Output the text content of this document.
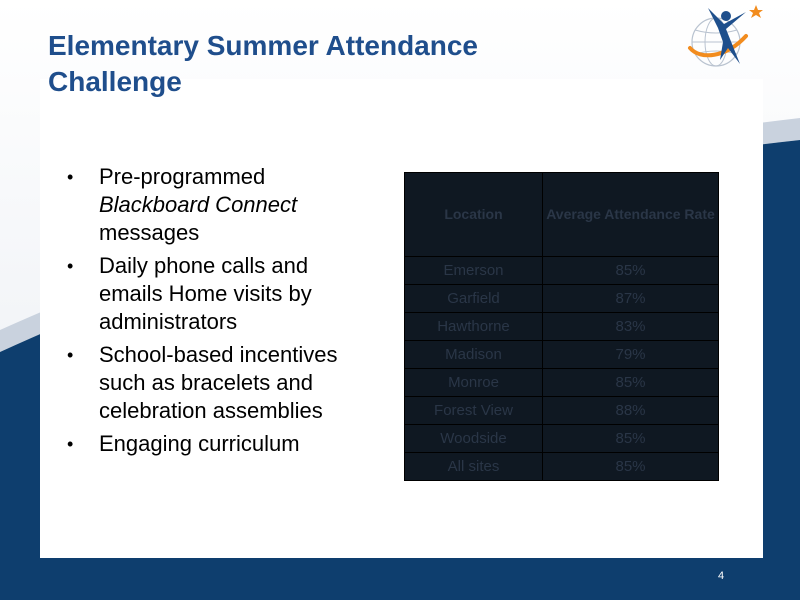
Elementary Summer Attendance
Challenge
• Pre-programmed Blackboard Connect messages
• Daily phone calls and emails Home visits by administrators
• School-based incentives such as bracelets and celebration assemblies
• Engaging curriculum
Location	Average Attendance Rate
Emerson	85%
Garfield	87%
Hawthorne	83%
Madison	79%
Monroe	85%
Forest View	88%
Woodside	85%
All sites	85%
4
